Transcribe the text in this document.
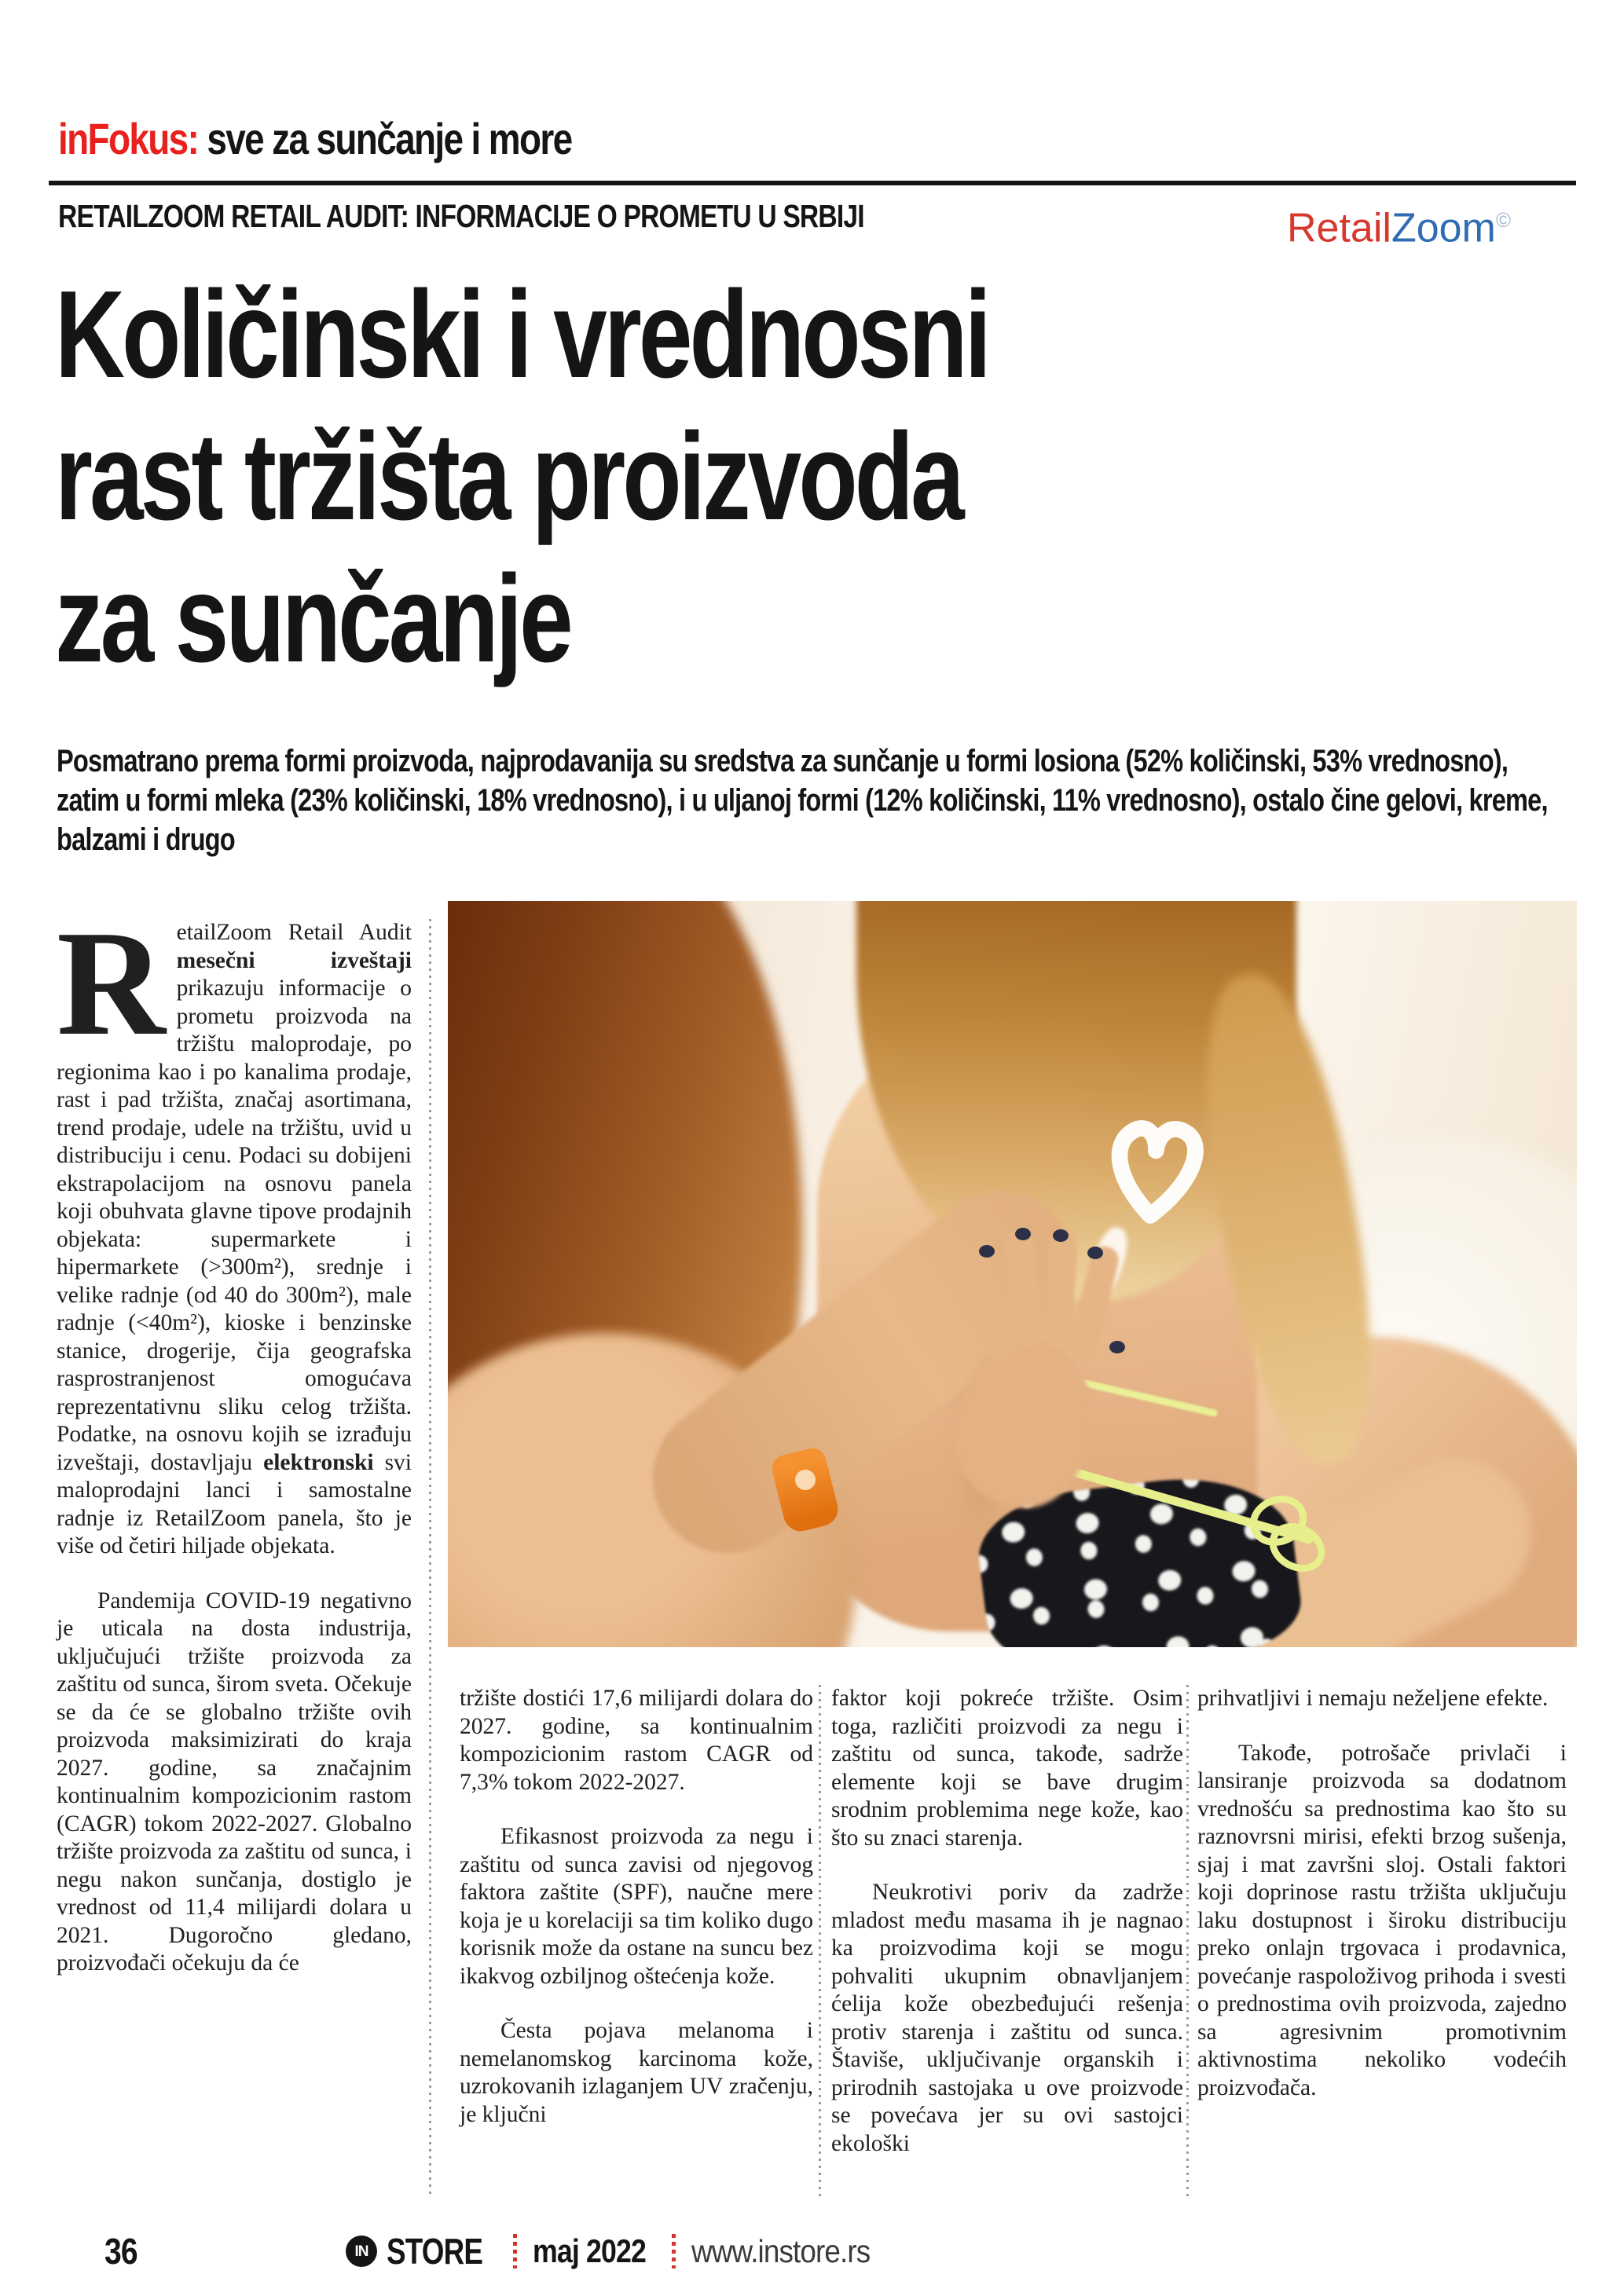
inFokus: sve za sunčanje i more
RETAILZOOM RETAIL AUDIT: INFORMACIJE O PROMETU U SRBIJI	RetailZoom©
Količinski i vrednosni
rast tržišta proizvoda
za sunčanje

Posmatrano prema formi proizvoda, najprodavanija su sredstva za sunčanje u formi losiona (52% količinski, 53% vrednosno), zatim u formi mleka (23% količinski, 18% vrednosno), i u uljanoj formi (12% količinski, 11% vrednosno), ostalo čine gelovi, kreme, balzami i drugo

RetailZoom Retail Audit mesečni izveštaji prikazuju informacije o prometu proizvoda na tržištu maloprodaje, po regionima kao i po kanalima prodaje, rast i pad tržišta, značaj asortimana, trend prodaje, udele na tržištu, uvid u distribuciju i cenu. Podaci su dobijeni ekstrapolacijom na osnovu panela koji obuhvata glavne tipove prodajnih objekata: supermarkete i hipermarkete (>300m²), srednje i velike radnje (od 40 do 300m²), male radnje (<40m²), kioske i benzinske stanice, drogerije, čija geografska rasprostranjenost omogućava reprezentativnu sliku celog tržišta. Podatke, na osnovu kojih se izrađuju izveštaji, dostavljaju elektronski svi maloprodajni lanci i samostalne radnje iz RetailZoom panela, što je više od četiri hiljade objekata.

Pandemija COVID-19 negativno je uticala na dosta industrija, uključujući tržište proizvoda za zaštitu od sunca, širom sveta. Očekuje se da će se globalno tržište ovih proizvoda maksimizirati do kraja 2027. godine, sa značajnim kontinualnim kompozicionim rastom (CAGR) tokom 2022-2027. Globalno tržište proizvoda za zaštitu od sunca, i negu nakon sunčanja, dostiglo je vrednost od 11,4 milijardi dolara u 2021. Dugoročno gledano, proizvođači očekuju da će

tržište dostići 17,6 milijardi dolara do 2027. godine, sa kontinualnim kompozicionim rastom CAGR od 7,3% tokom 2022-2027.

Efikasnost proizvoda za negu i zaštitu od sunca zavisi od njegovog faktora zaštite (SPF), naučne mere koja je u korelaciji sa tim koliko dugo korisnik može da ostane na suncu bez ikakvog ozbiljnog oštećenja kože.

Česta pojava melanoma i nemelanomskog karcinoma kože, uzrokovanih izlaganjem UV zračenju, je ključni

faktor koji pokreće tržište. Osim toga, različiti proizvodi za negu i zaštitu od sunca, takođe, sadrže elemente koji se bave drugim srodnim problemima nege kože, kao što su znaci starenja.

Neukrotivi poriv da zadrže mladost među masama ih je nagnao ka proizvodima koji se mogu pohvaliti ukupnim obnavljanjem ćelija kože obezbeđujući rešenja protiv starenja i zaštitu od sunca. Štaviše, uključivanje organskih i prirodnih sastojaka u ove proizvode se povećava jer su ovi sastojci ekološki

prihvatljivi i nemaju neželjene efekte.

Takođe, potrošače privlači i lansiranje proizvoda sa dodatnom vrednošću sa prednostima kao što su raznovrsni mirisi, efekti brzog sušenja, sjaj i mat završni sloj. Ostali faktori koji doprinose rastu tržišta uključuju laku dostupnost i široku distribuciju preko onlajn trgovaca i prodavnica, povećanje raspoloživog prihoda i svesti o prednostima ovih proizvoda, zajedno sa agresivnim promotivnim aktivnostima nekoliko vodećih proizvođača.

36	IN STORE maj 2022 www.instore.rs
